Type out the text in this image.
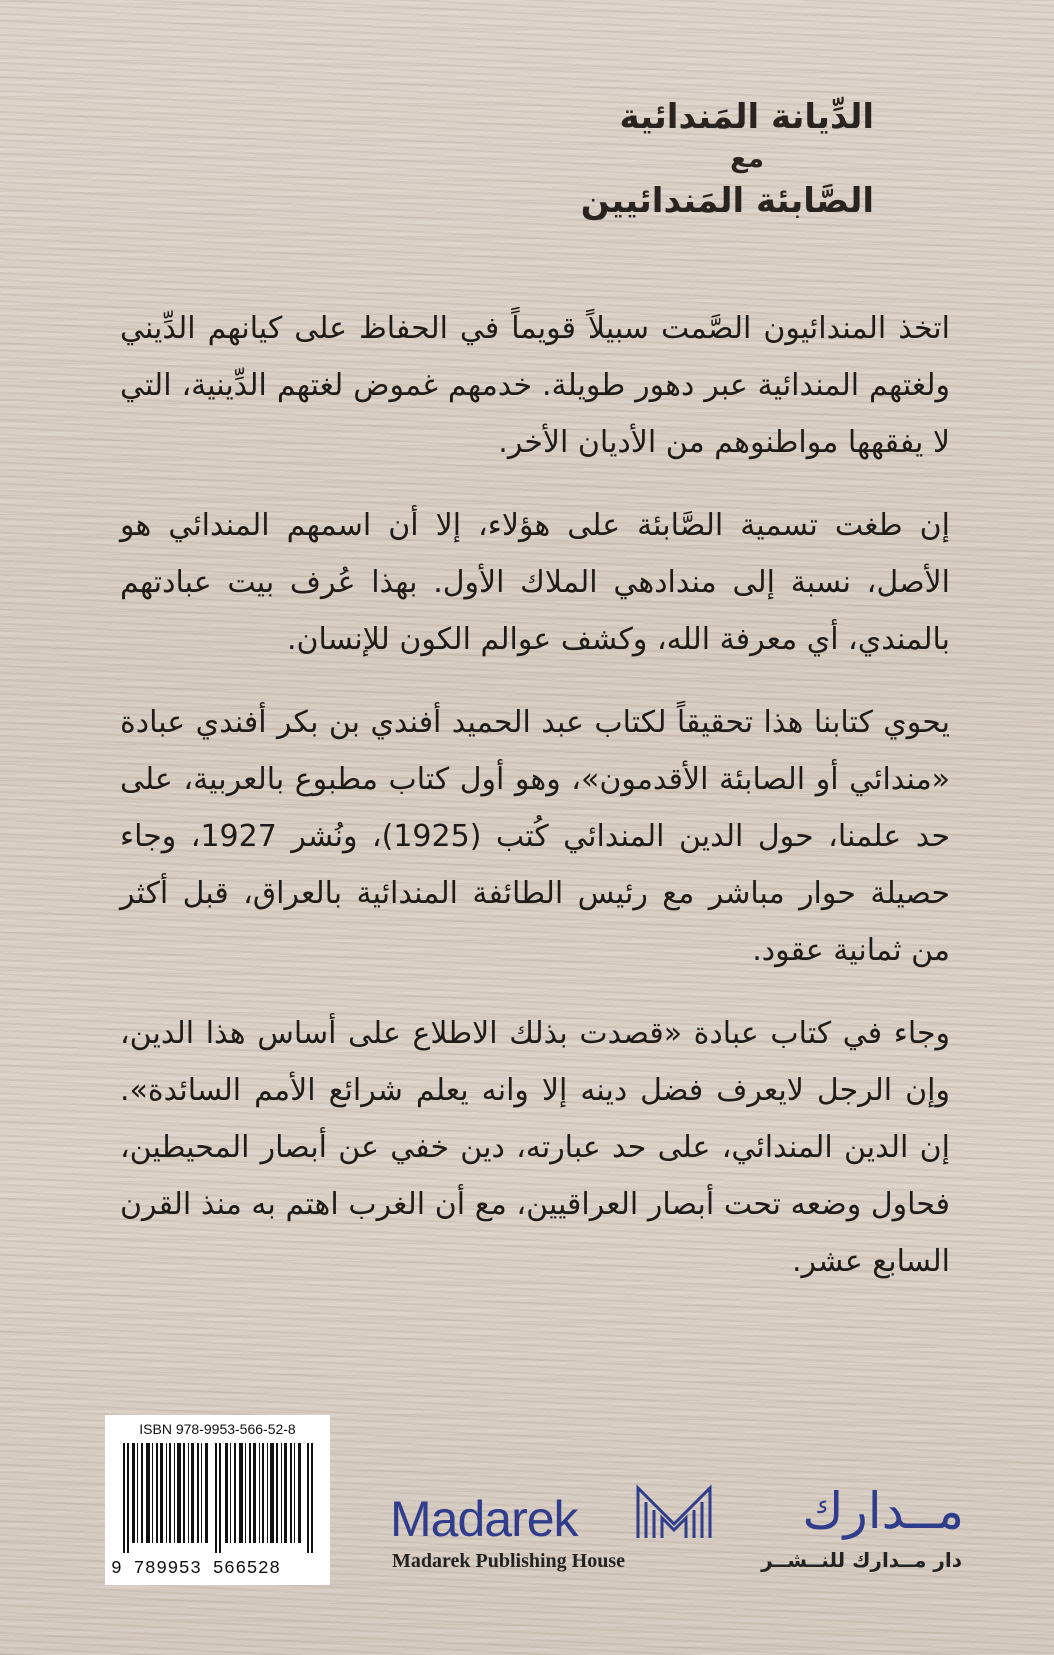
الدِّيانة المَندائية
مع
الصَّابئة المَندائيين

اتخذ المندائيون الصَّمت سبيلاً قويماً في الحفاظ على كيانهم الدِّيني ولغتهم المندائية عبر دهور طويلة. خدمهم غموض لغتهم الدِّينية، التي لا يفقهها مواطنوهم من الأديان الأخر.

إن طغت تسمية الصَّابئة على هؤلاء، إلا أن اسمهم المندائي هو الأصل، نسبة إلى مندادهي الملاك الأول. بهذا عُرف بيت عبادتهم بالمندي، أي معرفة الله، وكشف عوالم الكون للإنسان.

يحوي كتابنا هذا تحقيقاً لكتاب عبد الحميد أفندي بن بكر أفندي عبادة «مندائي أو الصابئة الأقدمون»، وهو أول كتاب مطبوع بالعربية، على حد علمنا، حول الدين المندائي كُتب (1925)، ونُشر 1927، وجاء حصيلة حوار مباشر مع رئيس الطائفة المندائية بالعراق، قبل أكثر من ثمانية عقود.

وجاء في كتاب عبادة «قصدت بذلك الاطلاع على أساس هذا الدين، وإن الرجل لايعرف فضل دينه إلا وانه يعلم شرائع الأمم السائدة». إن الدين المندائي، على حد عبارته، دين خفي عن أبصار المحيطين، فحاول وضعه تحت أبصار العراقيين، مع أن الغرب اهتم به منذ القرن السابع عشر.

ISBN 978-9953-566-52-8
9 789953 566528
Madarek	مــدارك
Madarek Publishing House	دار مــدارك للنــشــر
